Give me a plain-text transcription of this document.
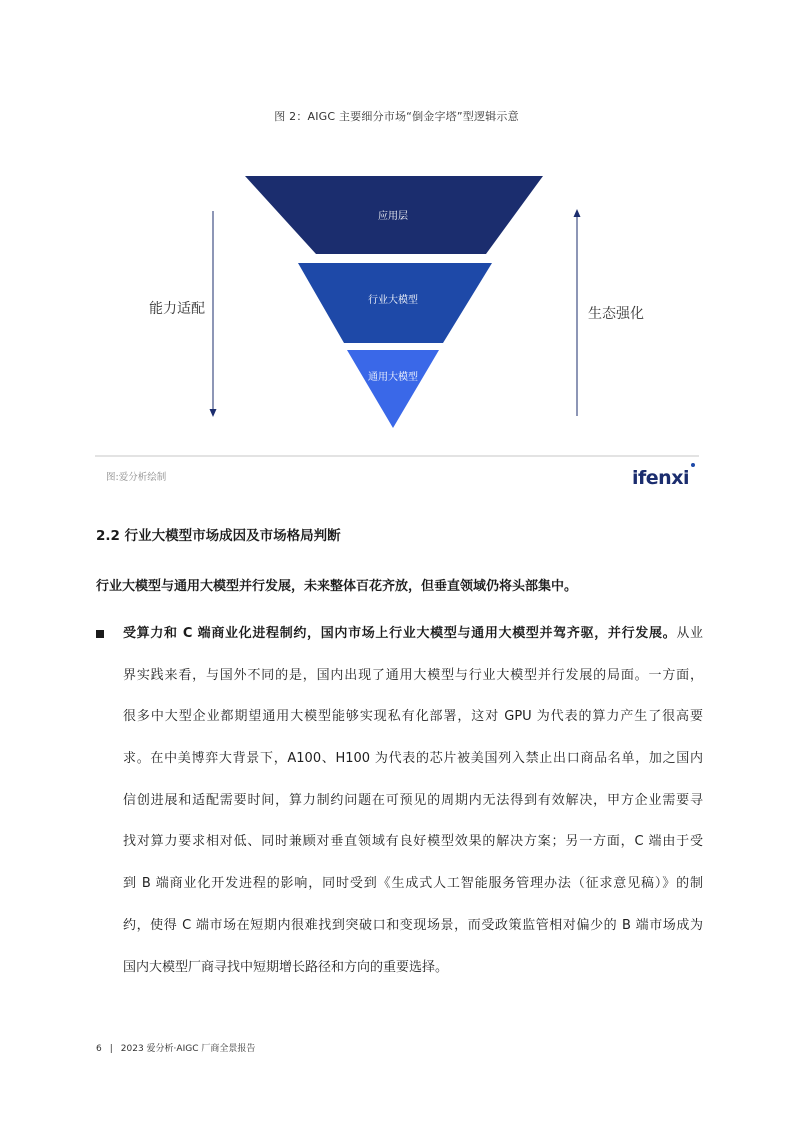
图 2：AIGC 主要细分市场“倒金字塔”型逻辑示意
应用层
行业大模型
通用大模型
能力适配	生态强化
图:爱分析绘制	ifenxi
2.2 行业大模型市场成因及市场格局判断
行业大模型与通用大模型并行发展，未来整体百花齐放，但垂直领域仍将头部集中。
受算力和 C 端商业化进程制约，国内市场上行业大模型与通用大模型并驾齐驱，并行发展。从业
界实践来看，与国外不同的是，国内出现了通用大模型与行业大模型并行发展的局面。一方面，
很多中大型企业都期望通用大模型能够实现私有化部署，这对 GPU 为代表的算力产生了很高要
求。在中美博弈大背景下，A100、H100 为代表的芯片被美国列入禁止出口商品名单，加之国内
信创进展和适配需要时间，算力制约问题在可预见的周期内无法得到有效解决，甲方企业需要寻
找对算力要求相对低、同时兼顾对垂直领域有良好模型效果的解决方案；另一方面，C 端由于受
到 B 端商业化开发进程的影响，同时受到《生成式人工智能服务管理办法（征求意见稿）》的制
约，使得 C 端市场在短期内很难找到突破口和变现场景，而受政策监管相对偏少的 B 端市场成为
国内大模型厂商寻找中短期增长路径和方向的重要选择。
6 | 2023 爱分析·AIGC 厂商全景报告
